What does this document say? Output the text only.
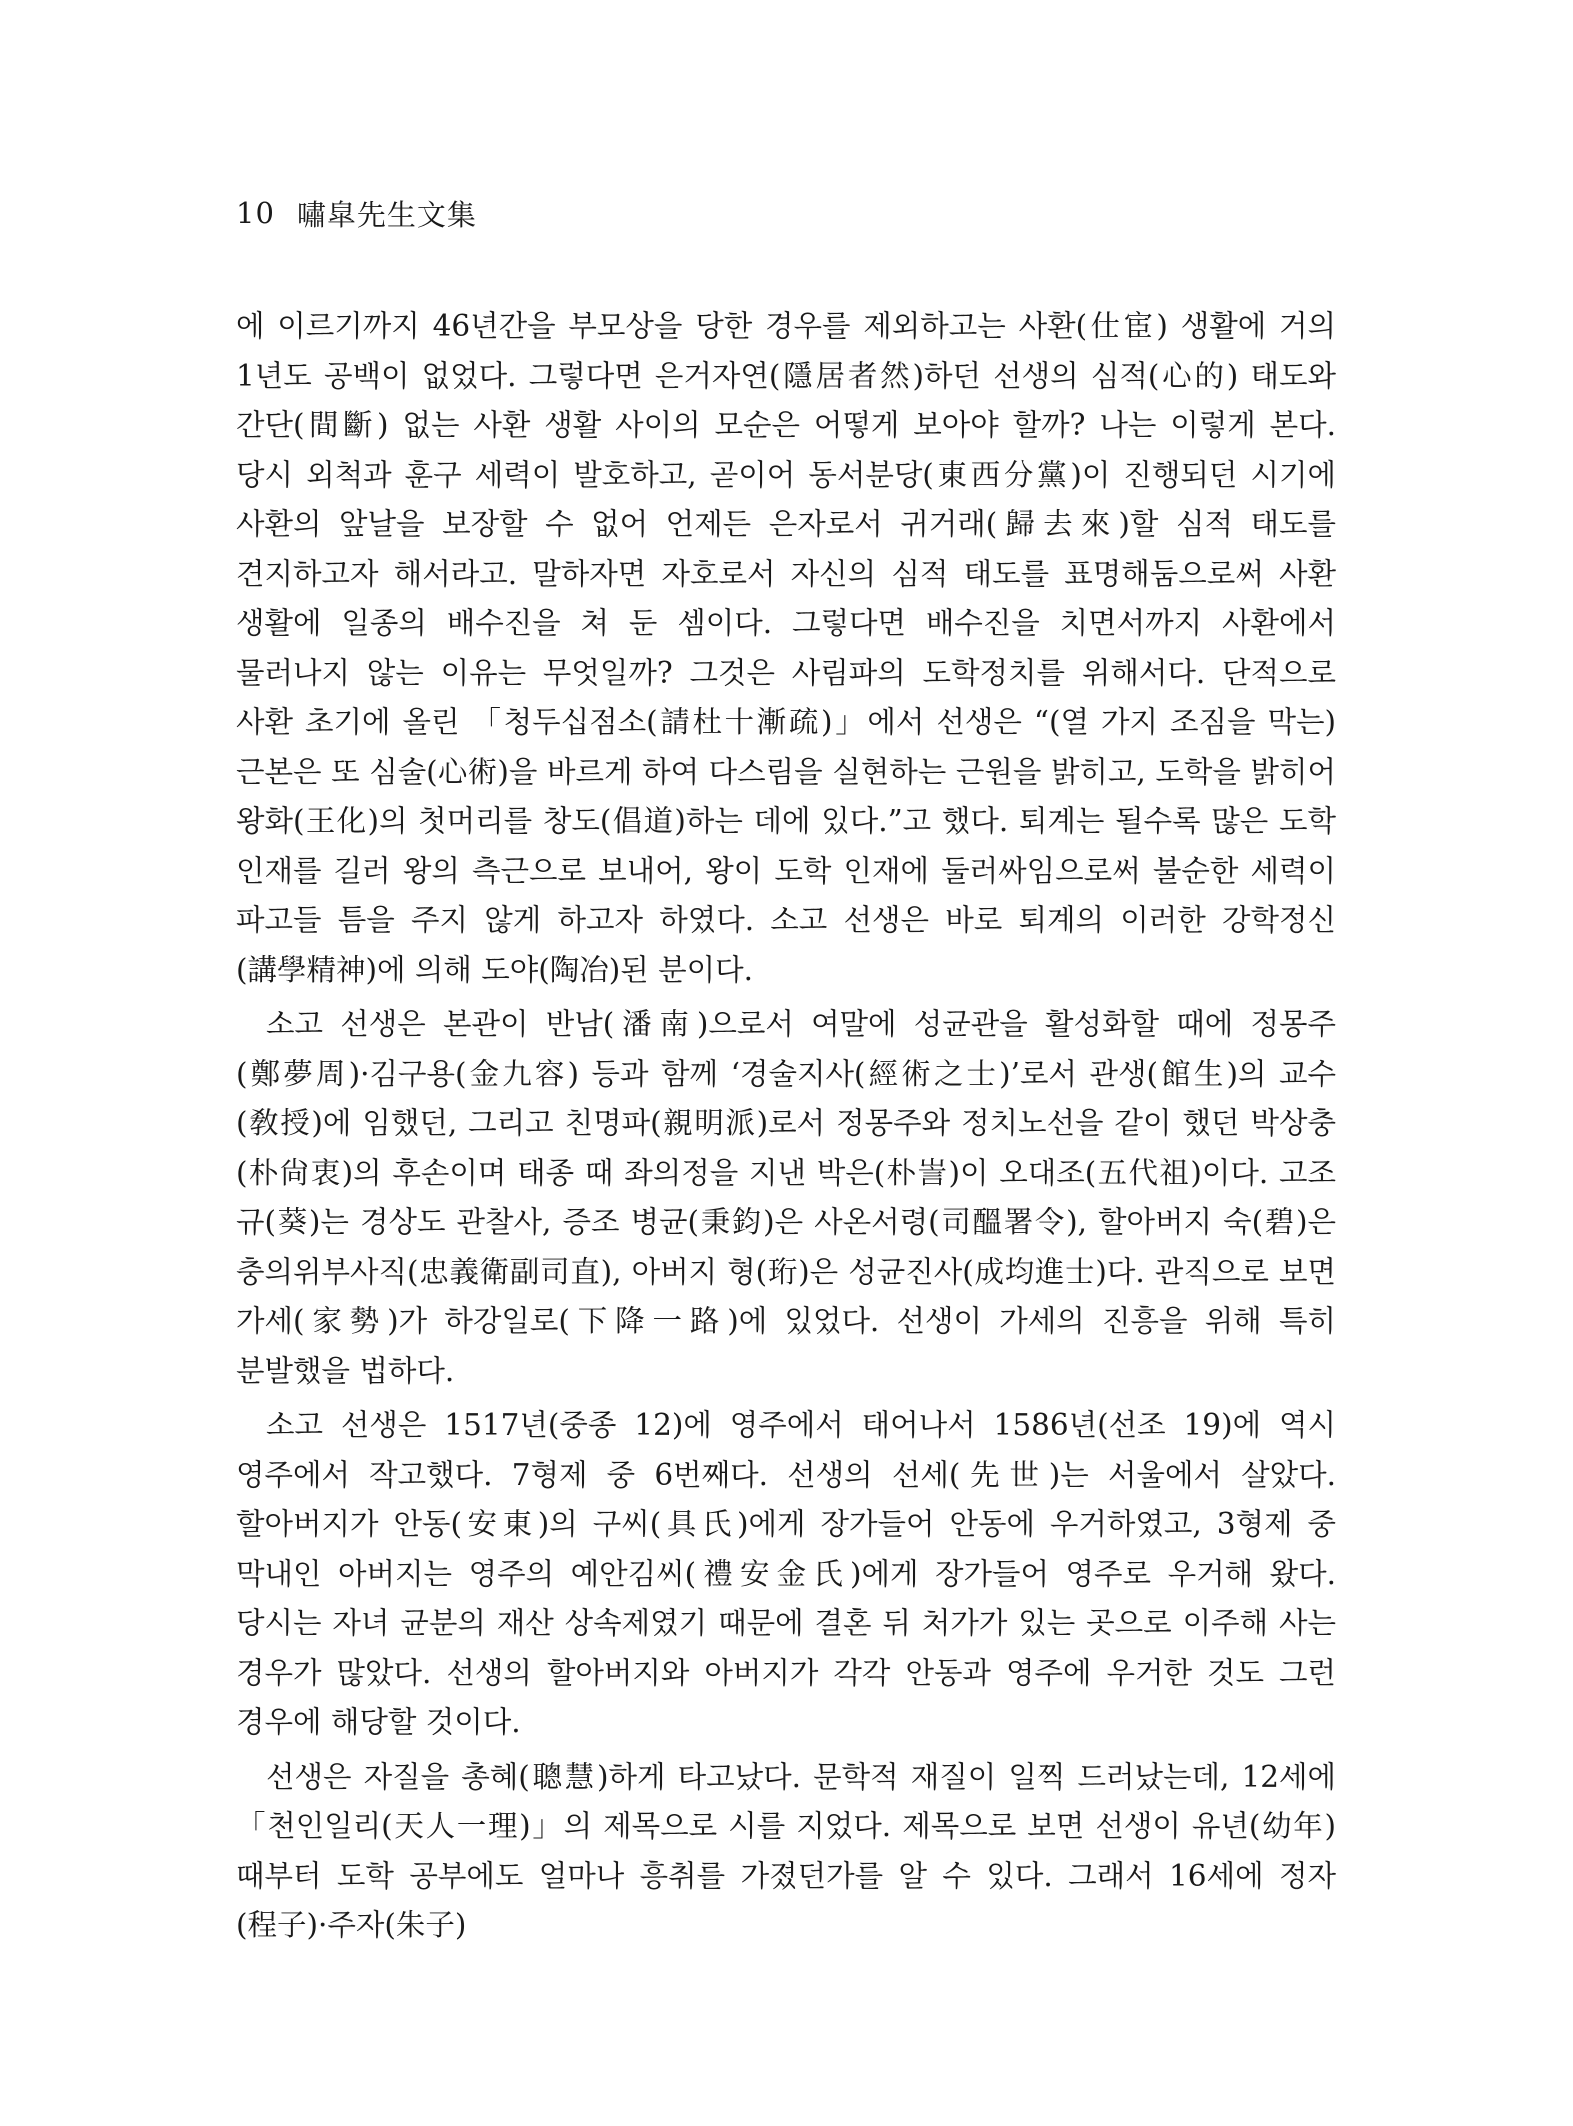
10 嘯皐先生文集

에 이르기까지 46년간을 부모상을 당한 경우를 제외하고는 사환(仕宦) 생활에 거의 1년도 공백이 없었다. 그렇다면 은거자연(隱居者然)하던 선생의 심적(心的) 태도와 간단(間斷) 없는 사환 생활 사이의 모순은 어떻게 보아야 할까? 나는 이렇게 본다. 당시 외척과 훈구 세력이 발호하고, 곧이어 동서분당(東西分黨)이 진행되던 시기에 사환의 앞날을 보장할 수 없어 언제든 은자로서 귀거래(歸去來)할 심적 태도를 견지하고자 해서라고. 말하자면 자호로서 자신의 심적 태도를 표명해둠으로써 사환 생활에 일종의 배수진을 쳐 둔 셈이다. 그렇다면 배수진을 치면서까지 사환에서 물러나지 않는 이유는 무엇일까? 그것은 사림파의 도학정치를 위해서다. 단적으로 사환 초기에 올린 「청두십점소(請杜十漸疏)」에서 선생은 “(열 가지 조짐을 막는) 근본은 또 심술(心術)을 바르게 하여 다스림을 실현하는 근원을 밝히고, 도학을 밝히어 왕화(王化)의 첫머리를 창도(倡道)하는 데에 있다.”고 했다. 퇴계는 될수록 많은 도학 인재를 길러 왕의 측근으로 보내어, 왕이 도학 인재에 둘러싸임으로써 불순한 세력이 파고들 틈을 주지 않게 하고자 하였다. 소고 선생은 바로 퇴계의 이러한 강학정신(講學精神)에 의해 도야(陶冶)된 분이다.

소고 선생은 본관이 반남(潘南)으로서 여말에 성균관을 활성화할 때에 정몽주(鄭夢周)·김구용(金九容) 등과 함께 ‘경술지사(經術之士)’로서 관생(館生)의 교수(敎授)에 임했던, 그리고 친명파(親明派)로서 정몽주와 정치노선을 같이 했던 박상충(朴尙衷)의 후손이며 태종 때 좌의정을 지낸 박은(朴訔)이 오대조(五代祖)이다. 고조 규(葵)는 경상도 관찰사, 증조 병균(秉鈞)은 사온서령(司醞署令), 할아버지 숙(碧)은 충의위부사직(忠義衛副司直), 아버지 형(珩)은 성균진사(成均進士)다. 관직으로 보면 가세(家勢)가 하강일로(下降一路)에 있었다. 선생이 가세의 진흥을 위해 특히 분발했을 법하다.

소고 선생은 1517년(중종 12)에 영주에서 태어나서 1586년(선조 19)에 역시 영주에서 작고했다. 7형제 중 6번째다. 선생의 선세(先世)는 서울에서 살았다. 할아버지가 안동(安東)의 구씨(具氏)에게 장가들어 안동에 우거하였고, 3형제 중 막내인 아버지는 영주의 예안김씨(禮安金氏)에게 장가들어 영주로 우거해 왔다. 당시는 자녀 균분의 재산 상속제였기 때문에 결혼 뒤 처가가 있는 곳으로 이주해 사는 경우가 많았다. 선생의 할아버지와 아버지가 각각 안동과 영주에 우거한 것도 그런 경우에 해당할 것이다.

선생은 자질을 총혜(聰慧)하게 타고났다. 문학적 재질이 일찍 드러났는데, 12세에 「천인일리(天人一理)」의 제목으로 시를 지었다. 제목으로 보면 선생이 유년(幼年) 때부터 도학 공부에도 얼마나 흥취를 가졌던가를 알 수 있다. 그래서 16세에 정자(程子)·주자(朱子)
